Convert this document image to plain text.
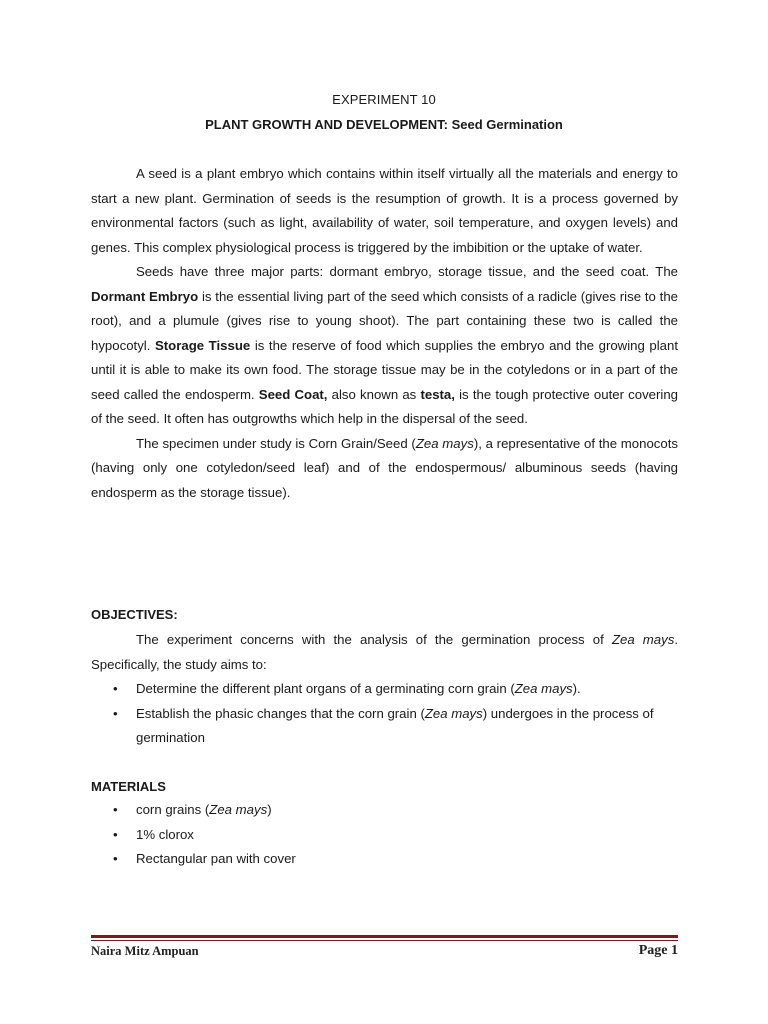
EXPERIMENT 10
PLANT GROWTH AND DEVELOPMENT: Seed Germination

A seed is a plant embryo which contains within itself virtually all the materials and energy to start a new plant. Germination of seeds is the resumption of growth. It is a process governed by environmental factors (such as light, availability of water, soil temperature, and oxygen levels) and genes. This complex physiological process is triggered by the imbibition or the uptake of water.

Seeds have three major parts: dormant embryo, storage tissue, and the seed coat. The Dormant Embryo is the essential living part of the seed which consists of a radicle (gives rise to the root), and a plumule (gives rise to young shoot). The part containing these two is called the hypocotyl. Storage Tissue is the reserve of food which supplies the embryo and the growing plant until it is able to make its own food. The storage tissue may be in the cotyledons or in a part of the seed called the endosperm. Seed Coat, also known as testa, is the tough protective outer covering of the seed. It often has outgrowths which help in the dispersal of the seed.

The specimen under study is Corn Grain/Seed (Zea mays), a representative of the monocots (having only one cotyledon/seed leaf) and of the endospermous/ albuminous seeds (having endosperm as the storage tissue).

OBJECTIVES:

The experiment concerns with the analysis of the germination process of Zea mays. Specifically, the study aims to:

• Determine the different plant organs of a germinating corn grain (Zea mays).
• Establish the phasic changes that the corn grain (Zea mays) undergoes in the process of germination
MATERIALS
• corn grains (Zea mays)
• 1% clorox
• Rectangular pan with cover
Naira Mitz Ampuan	Page 1
